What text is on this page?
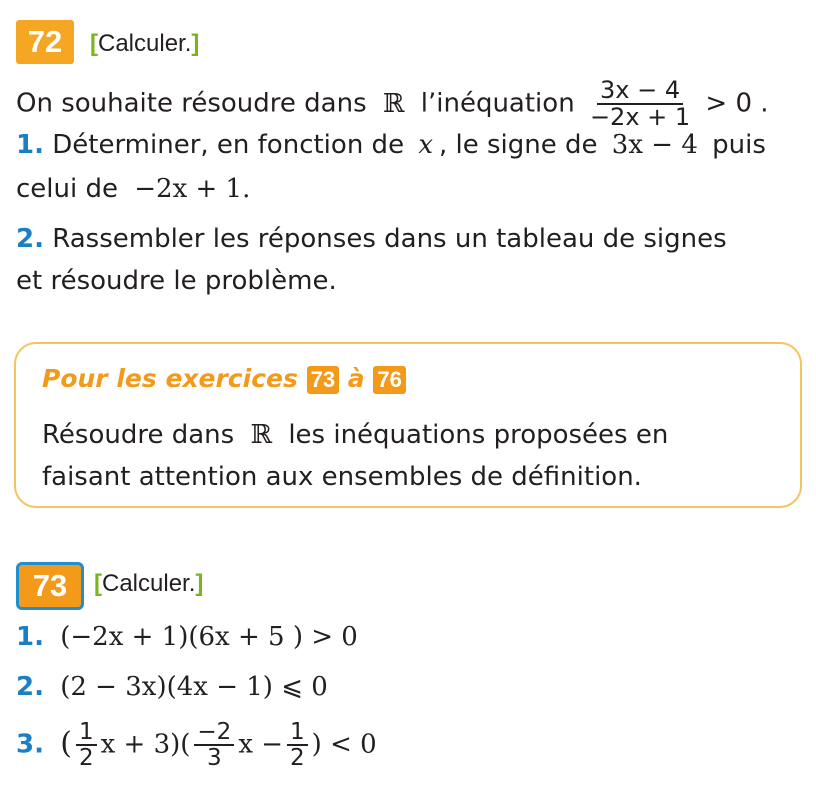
72	[Calculer.]
On souhaite résoudre dans ℝ l’inéquation $\frac{3x - 4}{-2x + 1} > 0$ .
1. Déterminer, en fonction de x , le signe de 3x − 4 puis
celui de −2x + 1.
2. Rassembler les réponses dans un tableau de signes
et résoudre le problème.
Pour les exercices 73 à 76
Résoudre dans ℝ les inéquations proposées en
faisant attention aux ensembles de définition.
73	[Calculer.]
1. (−2x + 1)(6x + 5 ) > 0
2. (2 − 3x)(4x − 1) ⩽ 0
3. ( $\frac{1}{2}$ $x + 3)( \frac{-2}{3}$ $x - \frac{1}{2}$ ) < 0
